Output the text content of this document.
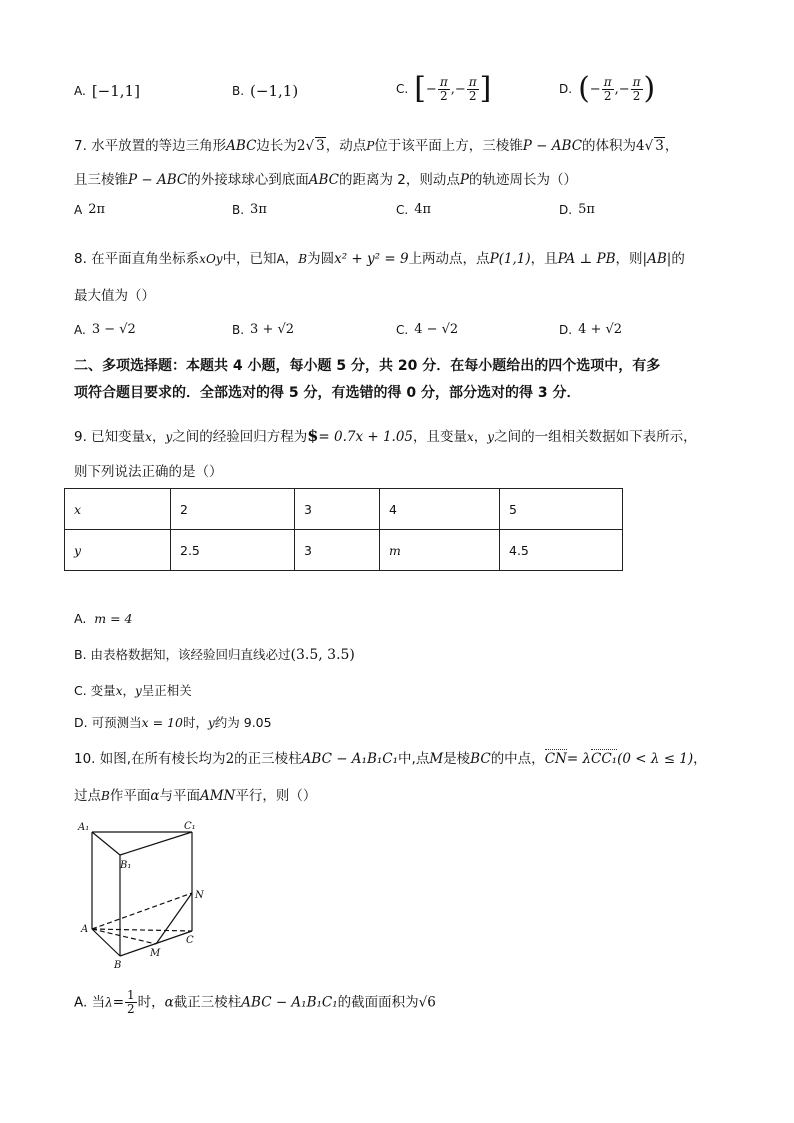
A. [−1,1]	B. (−1,1)	C. [ − $\frac{\pi}{2}$ ,− $\frac{\pi}{2}$ ]	D. ( − $\frac{\pi}{2}$ ,− $\frac{\pi}{2}$ )
7. 水平放置的等边三角形ABC边长为2√ 3，动点P位于该平面上方，三棱锥P − ABC的体积为4√ 3，
且三棱锥P − ABC的外接球球心到底面ABC的距离为 2，则动点P的轨迹周长为（）
A 2π	B. 3π	C. 4π	D. 5π
8. 在平面直角坐标系xOy中，已知A，B为圆x² + y² = 9上两动点，点P(1,1)，且PA ⊥ PB，则|AB|的
最大值为（）
A. 3 − √2	B. 3 + √2	C. 4 − √2	D. 4 + √2
二、多项选择题：本题共 4 小题，每小题 5 分，共 20 分．在每小题给出的四个选项中，有多
项符合题目要求的．全部选对的得 5 分，有选错的得 0 分，部分选对的得 3 分．
9. 已知变量x，y之间的经验回归方程为$= 0.7x + 1.05，且变量x，y之间的一组相关数据如下表所示，
则下列说法正确的是（）
x	2	3	4	5
y	2.5	3	m	4.5
A. m = 4
B. 由表格数据知，该经验回归直线必过(3.5, 3.5)
C. 变量x，y呈正相关
D. 可预测当x = 10时，y约为 9.05
10. 如图,在所有棱长均为2的正三棱柱ABC − A₁B₁C₁中,点M是棱BC的中点，CN= λCC₁(0 < λ ≤ 1)，
过点B作平面α与平面AMN平行，则（）
A₁	C₁
B₁
N
A
C
M
B
A. 当$\lambda= \frac{1}{2}$ 时，α截正三棱柱ABC − A₁B₁C₁的截面面积为√6
